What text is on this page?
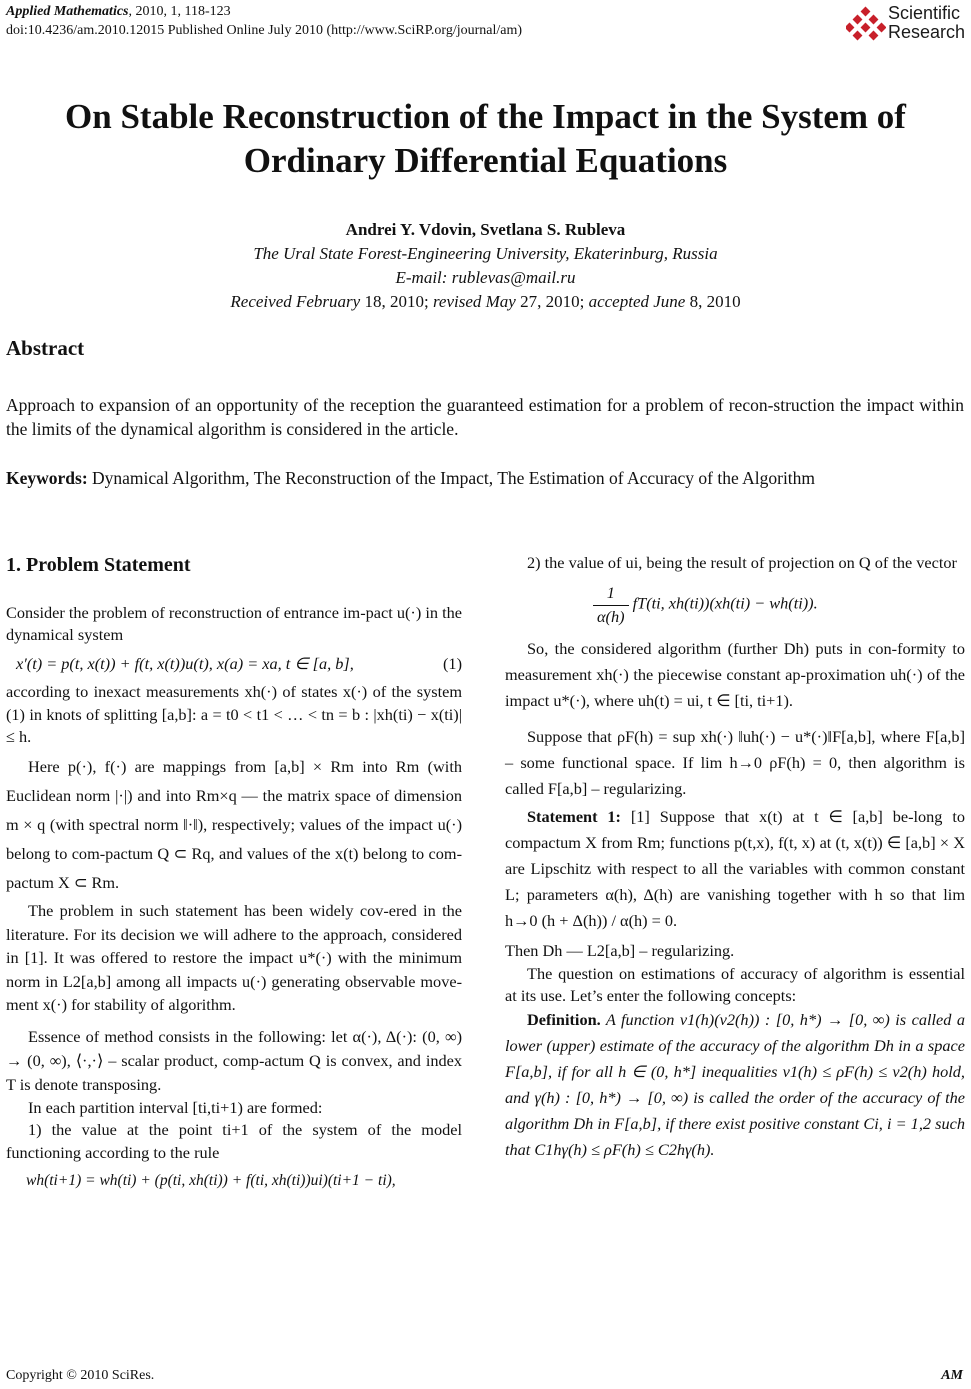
Applied Mathematics, 2010, 1, 118-123
doi:10.4236/am.2010.12015 Published Online July 2010 (http://www.SciRP.org/journal/am)
Scientific
Research
On Stable Reconstruction of the Impact in the System of
Ordinary Differential Equations
Andrei Y. Vdovin, Svetlana S. Rubleva
The Ural State Forest-Engineering University, Ekaterinburg, Russia
E-mail: rublevas@mail.ru
Received February 18, 2010; revised May 27, 2010; accepted June 8, 2010
Abstract
Approach to expansion of an opportunity of the reception the guaranteed estimation for a problem of recon-struction the impact within the limits of the dynamical algorithm is considered in the article.
Keywords: Dynamical Algorithm, The Reconstruction of the Impact, The Estimation of Accuracy of the Algorithm
1. Problem Statement

Consider the problem of reconstruction of entrance im-pact u(·) in the dynamical system

x′(t) = p(t, x(t)) + f(t, x(t))u(t), x(a) = xa, t ∈ [a, b],	(1)

according to inexact measurements xh(·) of states x(·) of the system (1) in knots of splitting [a,b]: a = t0 < t1 < … < tn = b : |xh(ti) − x(ti)| ≤ h.

Here p(·), f(·) are mappings from [a,b] × Rm into Rm (with Euclidean norm |·|) and into Rm×q — the matrix space of dimension m × q (with spectral norm ‖·‖), respectively; values of the impact u(·) belong to com-pactum Q ⊂ Rq, and values of the x(t) belong to com-pactum X ⊂ Rm.

The problem in such statement has been widely cov-ered in the literature. For its decision we will adhere to the approach, considered in [1]. It was offered to restore the impact u*(·) with the minimum norm in L2[a,b] among all impacts u(·) generating observable move-ment x(·) for stability of algorithm.

Essence of method consists in the following: let α(·), Δ(·): (0, ∞) → (0, ∞), ⟨·,·⟩ – scalar product, comp-actum Q is convex, and index T is denote transposing.

In each partition interval [ti,ti+1) are formed:

1) the value at the point ti+1 of the system of the model functioning according to the rule

wh(ti+1) = wh(ti) + (p(ti, xh(ti)) + f(ti, xh(ti))ui)(ti+1 − ti),

2) the value of ui, being the result of projection on Q of the vector

$\frac{1}{\alpha(h)} fT(ti$, xh(ti))(xh(ti) − wh(ti)).

So, the considered algorithm (further Dh) puts in con-formity to measurement xh(·) the piecewise constant ap-proximation uh(·) of the impact u*(·), where uh(t) = ui, t ∈ [ti, ti+1).

Suppose that ρF(h) = sup xh(·) ‖uh(·) − u*(·)‖F[a,b], where F[a,b] – some functional space. If lim h→0 ρF(h) = 0, then algorithm is called F[a,b] – regularizing.

Statement 1: [1] Suppose that x(t) at t ∈ [a,b] be-long to compactum X from Rm; functions p(t,x), f(t, x) at (t, x(t)) ∈ [a,b] × X are Lipschitz with respect to all the variables with common constant L; parameters α(h), Δ(h) are vanishing together with h so that lim h→0 (h + Δ(h)) / α(h) = 0.

Then Dh — L2[a,b] – regularizing.

The question on estimations of accuracy of algorithm is essential at its use. Let’s enter the following concepts:

Definition. A function v1(h)(v2(h)) : [0, h*) → [0, ∞) is called a lower (upper) estimate of the accuracy of the algorithm Dh in a space F[a,b], if for all h ∈ (0, h*] inequalities v1(h) ≤ ρF(h) ≤ v2(h) hold, and γ(h) : [0, h*) → [0, ∞) is called the order of the accuracy of the algorithm Dh in F[a,b], if there exist positive constant Ci, i = 1,2 such that C1hγ(h) ≤ ρF(h) ≤ C2hγ(h).

Copyright © 2010 SciRes.	AM
